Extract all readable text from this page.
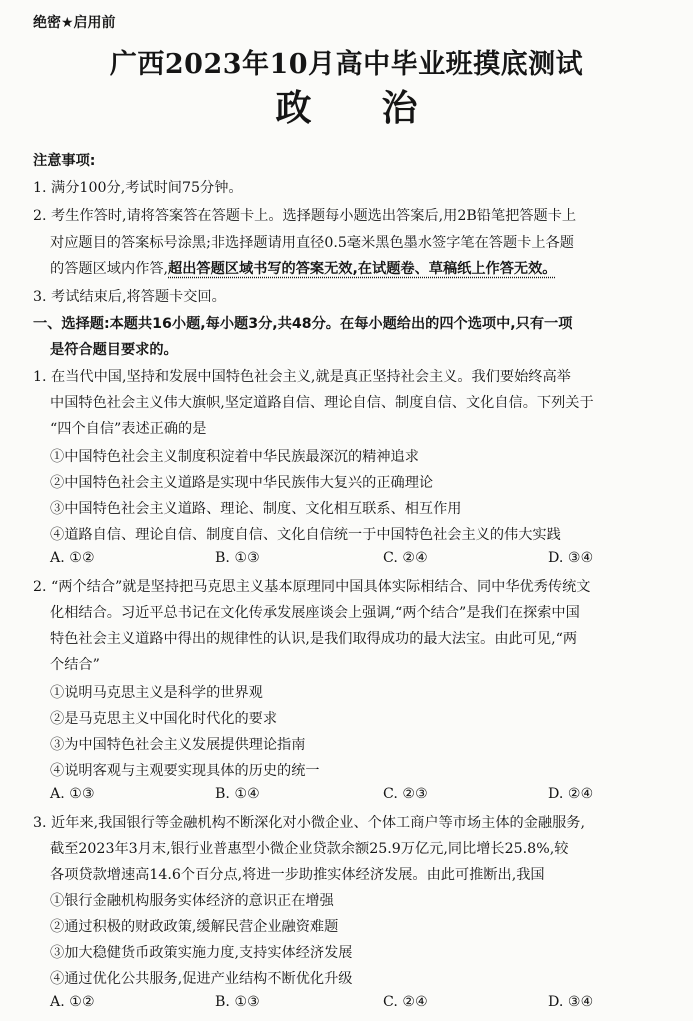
绝密★启用前
广西2023年10月高中毕业班摸底测试
政治
注意事项:
1. 满分100分,考试时间75分钟。
2. 考生作答时,请将答案答在答题卡上。选择题每小题选出答案后,用2B铅笔把答题卡上
对应题目的答案标号涂黑;非选择题请用直径0.5毫米黑色墨水签字笔在答题卡上各题
的答题区域内作答,超出答题区域书写的答案无效,在试题卷、草稿纸上作答无效。
3. 考试结束后,将答题卡交回。
一、选择题:本题共16小题,每小题3分,共48分。在每小题给出的四个选项中,只有一项
是符合题目要求的。
1. 在当代中国,坚持和发展中国特色社会主义,就是真正坚持社会主义。我们要始终高举
中国特色社会主义伟大旗帜,坚定道路自信、理论自信、制度自信、文化自信。下列关于
“四个自信”表述正确的是
①中国特色社会主义制度积淀着中华民族最深沉的精神追求
②中国特色社会主义道路是实现中华民族伟大复兴的正确理论
③中国特色社会主义道路、理论、制度、文化相互联系、相互作用
④道路自信、理论自信、制度自信、文化自信统一于中国特色社会主义的伟大实践
A. ①②	B. ①③	C. ②④	D. ③④
2. “两个结合”就是坚持把马克思主义基本原理同中国具体实际相结合、同中华优秀传统文
化相结合。习近平总书记在文化传承发展座谈会上强调,“两个结合”是我们在探索中国
特色社会主义道路中得出的规律性的认识,是我们取得成功的最大法宝。由此可见,“两
个结合”
①说明马克思主义是科学的世界观
②是马克思主义中国化时代化的要求
③为中国特色社会主义发展提供理论指南
④说明客观与主观要实现具体的历史的统一
A. ①③	B. ①④	C. ②③	D. ②④
3. 近年来,我国银行等金融机构不断深化对小微企业、个体工商户等市场主体的金融服务,
截至2023年3月末,银行业普惠型小微企业贷款余额25.9万亿元,同比增长25.8%,较
各项贷款增速高14.6个百分点,将进一步助推实体经济发展。由此可推断出,我国
①银行金融机构服务实体经济的意识正在增强
②通过积极的财政政策,缓解民营企业融资难题
③加大稳健货币政策实施力度,支持实体经济发展
④通过优化公共服务,促进产业结构不断优化升级
A. ①②	B. ①③	C. ②④	D. ③④
